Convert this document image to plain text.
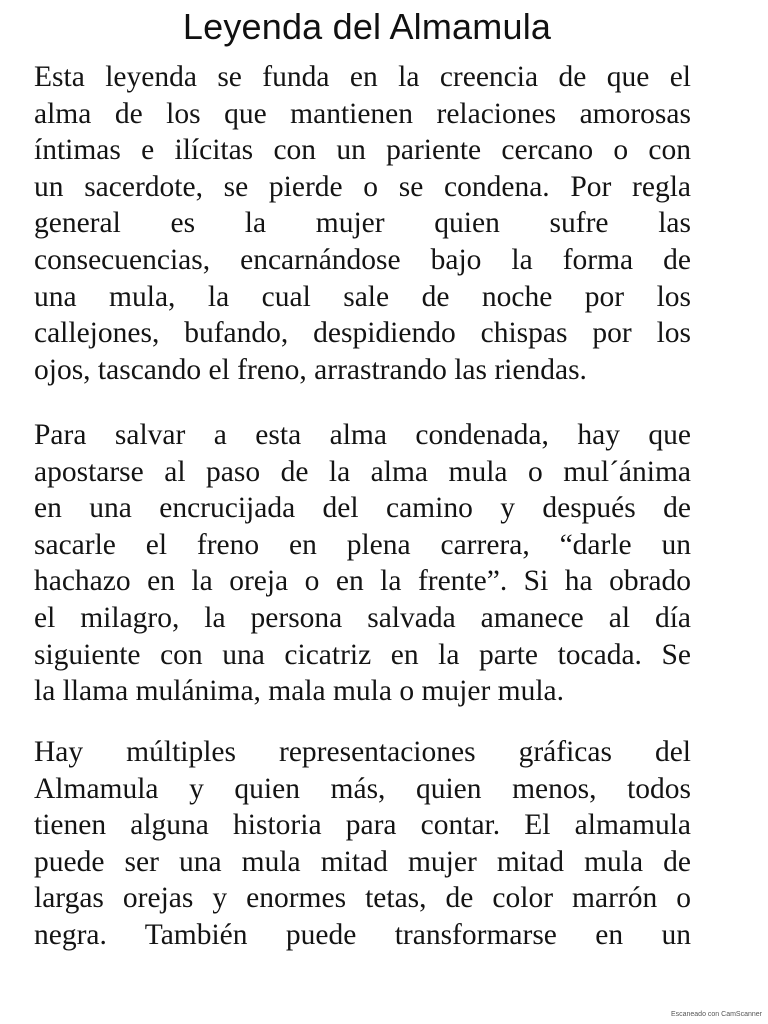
Leyenda del Almamula

Esta leyenda se funda en la creencia de que el
alma de los que mantienen relaciones amorosas
íntimas e ilícitas con un pariente cercano o con
un sacerdote, se pierde o se condena. Por regla
general es la mujer quien sufre las
consecuencias, encarnándose bajo la forma de
una mula, la cual sale de noche por los
callejones, bufando, despidiendo chispas por los
ojos, tascando el freno, arrastrando las riendas.

Para salvar a esta alma condenada, hay que
apostarse al paso de la alma mula o mul´ánima
en una encrucijada del camino y después de
sacarle el freno en plena carrera, “darle un
hachazo en la oreja o en la frente”. Si ha obrado
el milagro, la persona salvada amanece al día
siguiente con una cicatriz en la parte tocada. Se
la llama mulánima, mala mula o mujer mula.

Hay múltiples representaciones gráficas del
Almamula y quien más, quien menos, todos
tienen alguna historia para contar. El almamula
puede ser una mula mitad mujer mitad mula de
largas orejas y enormes tetas, de color marrón o
negra. También puede transformarse en un

Escaneado con CamScanner
